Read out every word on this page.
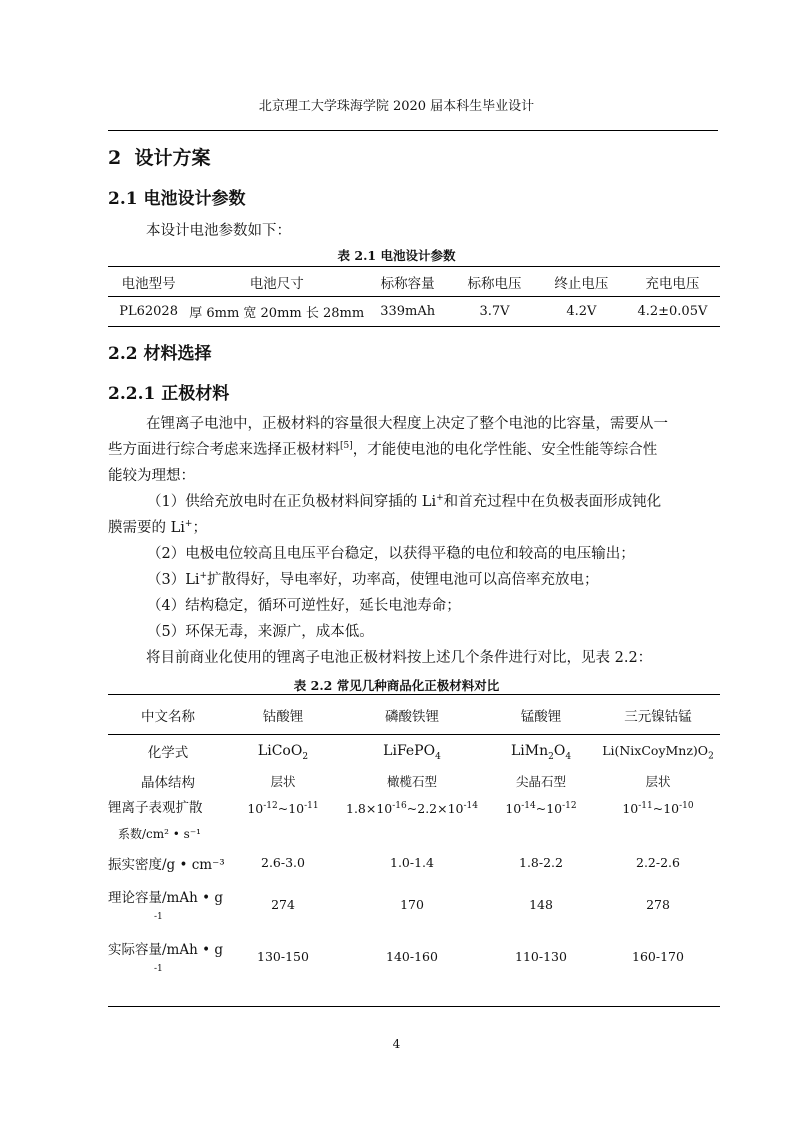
北京理工大学珠海学院 2020 届本科生毕业设计
2 设计方案
2.1 电池设计参数
本设计电池参数如下：
表 2.1 电池设计参数
电池型号	电池尺寸	标称容量	标称电压	终止电压	充电电压
PL62028	厚 6mm 宽 20mm 长 28mm	339mAh	3.7V	4.2V	4.2±0.05V
2.2 材料选择
2.2.1 正极材料
在锂离子电池中，正极材料的容量很大程度上决定了整个电池的比容量，需要从一
些方面进行综合考虑来选择正极材料[5]，才能使电池的电化学性能、安全性能等综合性
能较为理想：
（1）供给充放电时在正负极材料间穿插的 Li+和首充过程中在负极表面形成钝化
膜需要的 Li+；
（2）电极电位较高且电压平台稳定，以获得平稳的电位和较高的电压输出；
（3）Li+扩散得好，导电率好，功率高，使锂电池可以高倍率充放电；
（4）结构稳定，循环可逆性好，延长电池寿命；
（5）环保无毒，来源广，成本低。
将目前商业化使用的锂离子电池正极材料按上述几个条件进行对比，见表 2.2：
表 2.2 常见几种商品化正极材料对比
中文名称	钴酸锂	磷酸铁锂	锰酸锂	三元镍钴锰
化学式	LiCoO$_2$	LiFePO$_4$	$LiMn_2O_4$	$Li(NixCoyMnz)O_2$
晶体结构	层状	橄榄石型	尖晶石型	层状

锂离子表观扩散
系数/cm² • s⁻¹	$10^{-12}\sim 10^{-11}$	$1.8\times 10^{-16}\sim 2.2\times 10^{-14}$	$10^{-14}\sim 10^{-12}$	$10^{-11}\sim 10^{-10}$
振实密度/g • cm⁻³	2.6-3.0	1.0-1.4	1.8-2.2	2.2-2.6

理论容量/mAh • g
-1	274	170	148	278

实际容量/mAh • g
-1	130-150	140-160	110-130	160-170
4
